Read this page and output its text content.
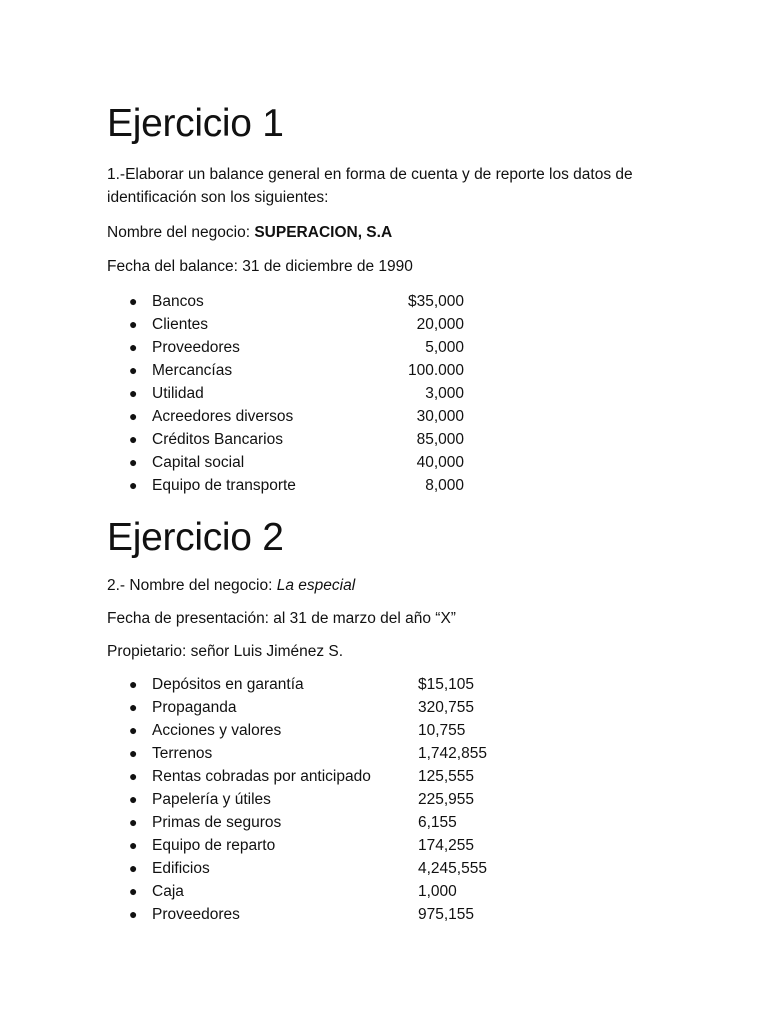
Ejercicio 1

1.-Elaborar un balance general en forma de cuenta y de reporte los datos de identificación son los siguientes:

Nombre del negocio: SUPERACION, S.A

Fecha del balance: 31 de diciembre de 1990

● Bancos	$35,000
● Clientes	20,000
● Proveedores	5,000
● Mercancías	100.000
● Utilidad	3,000
● Acreedores diversos	30,000
● Créditos Bancarios	85,000
● Capital social	40,000
● Equipo de transporte	8,000
Ejercicio 2

2.- Nombre del negocio: La especial

Fecha de presentación: al 31 de marzo del año “X”

Propietario: señor Luis Jiménez S.

● Depósitos en garantía	$15,105
● Propaganda	320,755
● Acciones y valores	10,755
● Terrenos	1,742,855
● Rentas cobradas por anticipado	125,555
● Papelería y útiles	225,955
● Primas de seguros	6,155
● Equipo de reparto	174,255
● Edificios	4,245,555
● Caja	1,000
● Proveedores	975,155
